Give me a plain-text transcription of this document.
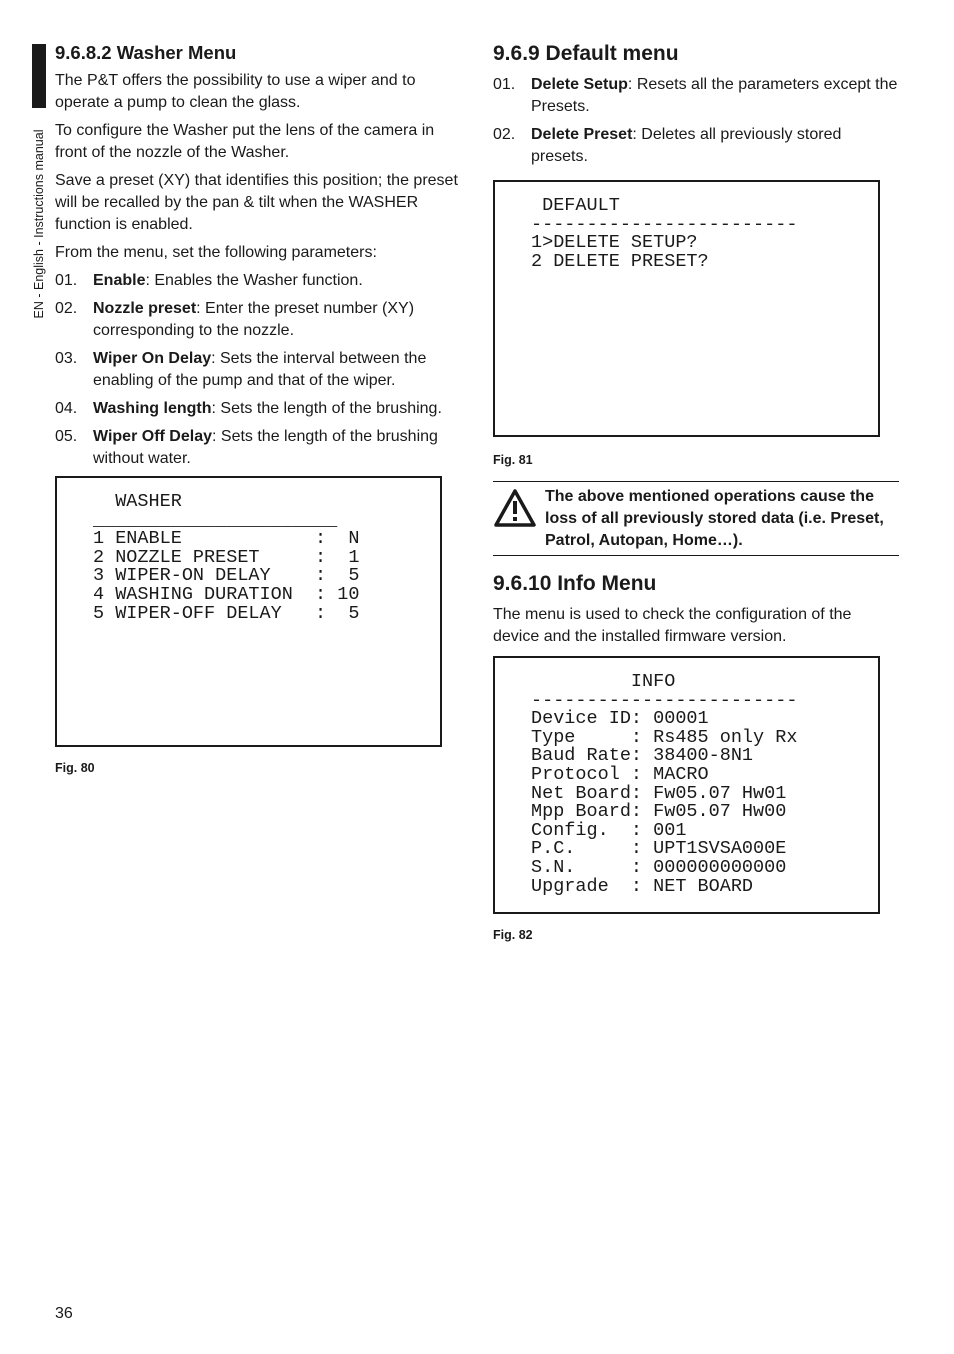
EN - English - Instructions manual
9.6.8.2 Washer Menu

The P&T offers the possibility to use a wiper and to operate a pump to clean the glass.

To configure the Washer put the lens of the camera in front of the nozzle of the Washer.

Save a preset (XY) that identifies this position; the preset will be recalled by the pan & tilt when the WASHER function is enabled.

From the menu, set the following parameters:

01. Enable: Enables the Washer function.
02. Nozzle preset: Enter the preset number (XY) corresponding to the nozzle.
03. Wiper On Delay: Sets the interval between the enabling of the pump and that of the wiper.
04. Washing length: Sets the length of the brushing.
05. Wiper Off Delay: Sets the length of the brushing without water.
WASHER
______________________
1 ENABLE            :  N
2 NOZZLE PRESET     :  1
3 WIPER-ON DELAY    :  5
4 WASHING DURATION  : 10
5 WIPER-OFF DELAY   :  5
Fig. 80
9.6.9 Default menu
01. Delete Setup: Resets all the parameters except the Presets.
02. Delete Preset: Deletes all previously stored presets.
DEFAULT
------------------------
1>DELETE SETUP?
2 DELETE PRESET?
Fig. 81
The above mentioned operations cause the loss of all previously stored data (i.e. Preset, Patrol, Autopan, Home…).
9.6.10 Info Menu

The menu is used to check the configuration of the device and the installed firmware version.

INFO
------------------------
Device ID: 00001
Type     : Rs485 only Rx
Baud Rate: 38400-8N1
Protocol : MACRO
Net Board: Fw05.07 Hw01
Mpp Board: Fw05.07 Hw00
Config.  : 001
P.C.     : UPT1SVSA000E
S.N.     : 000000000000
Upgrade  : NET BOARD
Fig. 82
36
